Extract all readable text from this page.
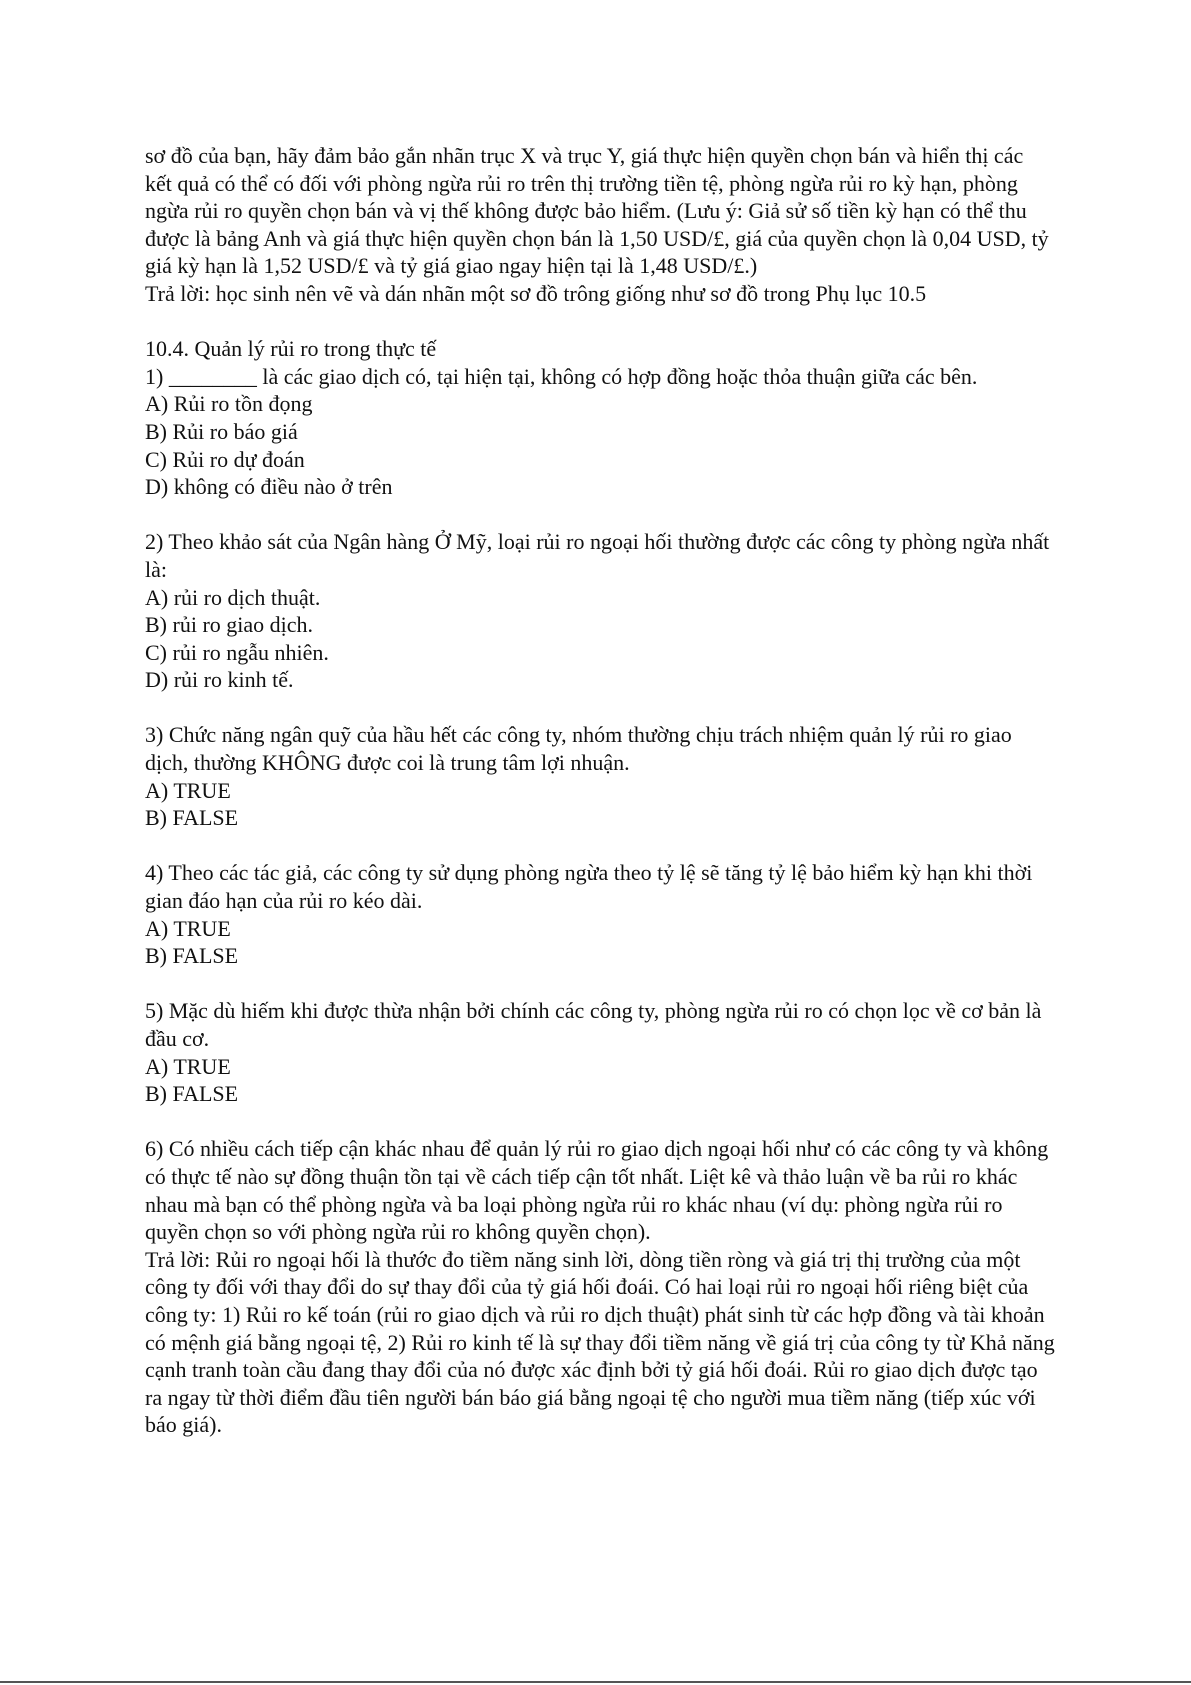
sơ đồ của bạn, hãy đảm bảo gắn nhãn trục X và trục Y, giá thực hiện quyền chọn bán và hiển thị các kết quả có thể có đối với phòng ngừa rủi ro trên thị trường tiền tệ, phòng ngừa rủi ro kỳ hạn, phòng ngừa rủi ro quyền chọn bán và vị thế không được bảo hiểm. (Lưu ý: Giả sử số tiền kỳ hạn có thể thu được là bảng Anh và giá thực hiện quyền chọn bán là 1,50 USD/£, giá của quyền chọn là 0,04 USD, tỷ giá kỳ hạn là 1,52 USD/£ và tỷ giá giao ngay hiện tại là 1,48 USD/£.)

Trả lời: học sinh nên vẽ và dán nhãn một sơ đồ trông giống như sơ đồ trong Phụ lục 10.5

10.4. Quản lý rủi ro trong thực tế

1) ________ là các giao dịch có, tại hiện tại, không có hợp đồng hoặc thỏa thuận giữa các bên.

A) Rủi ro tồn đọng

B) Rủi ro báo giá

C) Rủi ro dự đoán

D) không có điều nào ở trên

2) Theo khảo sát của Ngân hàng Ở Mỹ, loại rủi ro ngoại hối thường được các công ty phòng ngừa nhất là:

A) rủi ro dịch thuật.

B) rủi ro giao dịch.

C) rủi ro ngẫu nhiên.

D) rủi ro kinh tế.

3) Chức năng ngân quỹ của hầu hết các công ty, nhóm thường chịu trách nhiệm quản lý rủi ro giao dịch, thường KHÔNG được coi là trung tâm lợi nhuận.

A) TRUE

B) FALSE

4) Theo các tác giả, các công ty sử dụng phòng ngừa theo tỷ lệ sẽ tăng tỷ lệ bảo hiểm kỳ hạn khi thời gian đáo hạn của rủi ro kéo dài.

A) TRUE

B) FALSE

5) Mặc dù hiếm khi được thừa nhận bởi chính các công ty, phòng ngừa rủi ro có chọn lọc về cơ bản là đầu cơ.

A) TRUE

B) FALSE

6) Có nhiều cách tiếp cận khác nhau để quản lý rủi ro giao dịch ngoại hối như có các công ty và không có thực tế nào sự đồng thuận tồn tại về cách tiếp cận tốt nhất. Liệt kê và thảo luận về ba rủi ro khác nhau mà bạn có thể phòng ngừa và ba loại phòng ngừa rủi ro khác nhau (ví dụ: phòng ngừa rủi ro quyền chọn so với phòng ngừa rủi ro không quyền chọn).

Trả lời: Rủi ro ngoại hối là thước đo tiềm năng sinh lời, dòng tiền ròng và giá trị thị trường của một công ty đối với thay đổi do sự thay đổi của tỷ giá hối đoái. Có hai loại rủi ro ngoại hối riêng biệt của công ty: 1) Rủi ro kế toán (rủi ro giao dịch và rủi ro dịch thuật) phát sinh từ các hợp đồng và tài khoản có mệnh giá bằng ngoại tệ, 2) Rủi ro kinh tế là sự thay đổi tiềm năng về giá trị của công ty từ Khả năng cạnh tranh toàn cầu đang thay đổi của nó được xác định bởi tỷ giá hối đoái. Rủi ro giao dịch được tạo ra ngay từ thời điểm đầu tiên người bán báo giá bằng ngoại tệ cho người mua tiềm năng (tiếp xúc với báo giá).
